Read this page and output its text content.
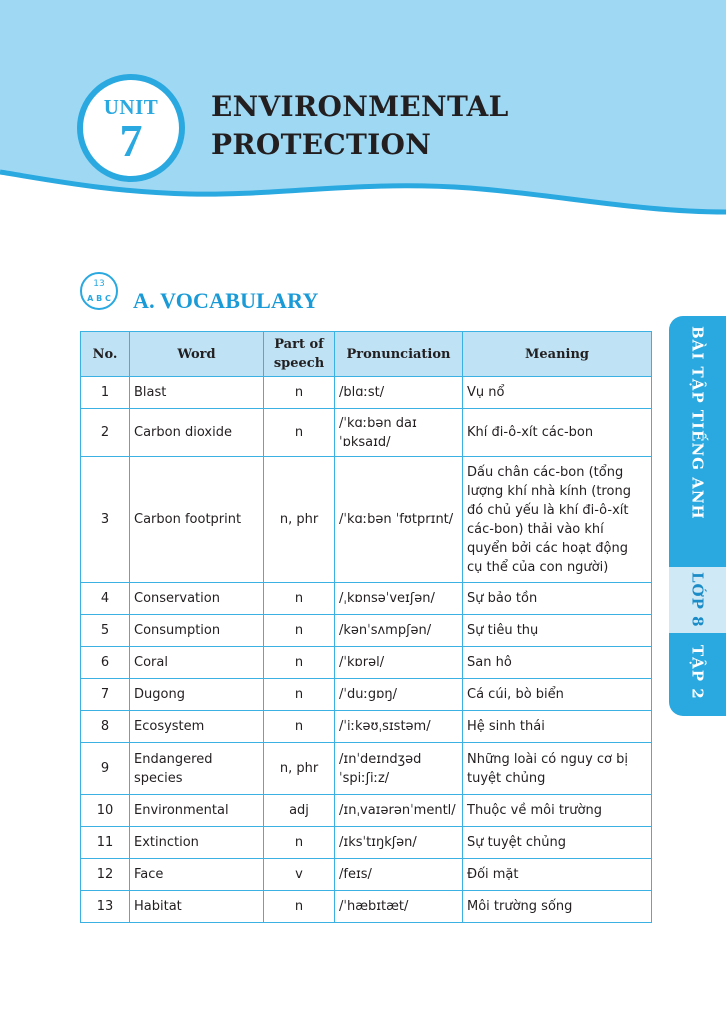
UNIT
7
ENVIRONMENTAL
PROTECTION
13
A B C A. VOCABULARY
BÀI TẬP TIẾNG ANH
LỚP 8
TẬP 2
No.	Word	Part of speech	Pronunciation	Meaning
1	Blast	n	/blɑːst/	Vụ nổ
2	Carbon dioxide	n	/ˈkɑːbən daɪˈɒksaɪd/	Khí đi-ô-xít các-bon
3	Carbon footprint	n, phr	/ˈkɑːbən ˈfʊtprɪnt/	Dấu chân các-bon (tổng lượng khí nhà kính (trong đó chủ yếu là khí đi-ô-xít các-bon) thải vào khí quyển bởi các hoạt động cụ thể của con người)
4	Conservation	n	/ˌkɒnsəˈveɪʃən/	Sự bảo tồn
5	Consumption	n	/kənˈsʌmpʃən/	Sự tiêu thụ
6	Coral	n	/ˈkɒrəl/	San hô
7	Dugong	n	/ˈduːgɒŋ/	Cá cúi, bò biển
8	Ecosystem	n	/ˈiːkəʊˌsɪstəm/	Hệ sinh thái
9	Endangered species	n, phr	/ɪnˈdeɪndʒəd ˈspiːʃiːz/	Những loài có nguy cơ bị tuyệt chủng
10	Environmental	adj	/ɪnˌvaɪərənˈmentl/	Thuộc về môi trường
11	Extinction	n	/ɪksˈtɪŋkʃən/	Sự tuyệt chủng
12	Face	v	/feɪs/	Đối mặt
13	Habitat	n	/ˈhæbɪtæt/	Môi trường sống
